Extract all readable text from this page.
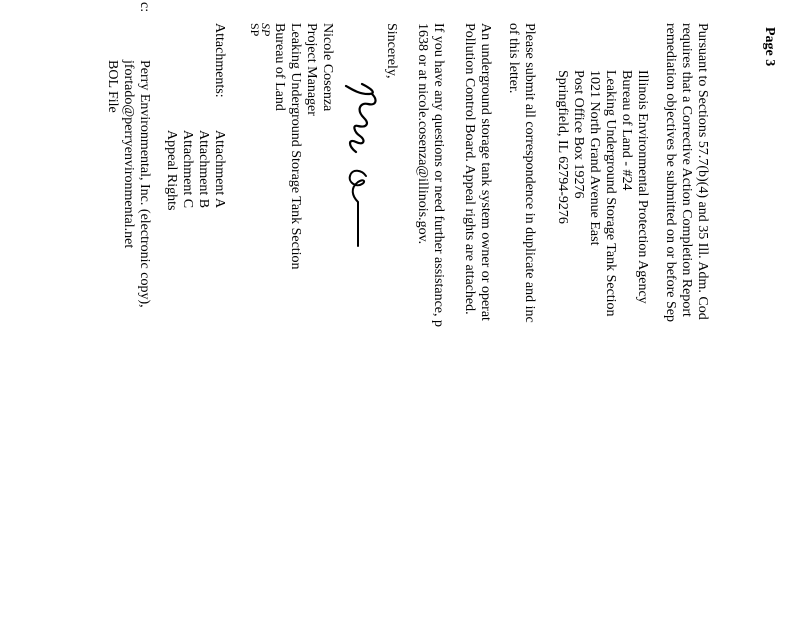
Page 3
Pursuant to Sections 57.7(b)(4) and 35 Ill. Adm. Cod
requires that a Corrective Action Completion Report
remediation objectives be submitted on or before Sep
Illinois Environmental Protection Agency
Bureau of Land - #24
Leaking Underground Storage Tank Section
1021 North Grand Avenue East
Post Office Box 19276
Springfield, IL 62794-9276
Please submit all correspondence in duplicate and inc
of this letter.
An underground storage tank system owner or operat
Pollution Control Board. Appeal rights are attached.
If you have any questions or need further assistance, p
1638 or at nicole.cosenza@illinois.gov.
Sincerely,
Nicole Cosenza
Project Manager
Leaking Underground Storage Tank Section
Bureau of Land
SP
SP
Attachments:
Attachment A
Attachment B
Attachment C
Appeal Rights
c:
Perry Environmental, Inc. (electronic copy),
jfortado@perryenvironmental.net
BOL File
